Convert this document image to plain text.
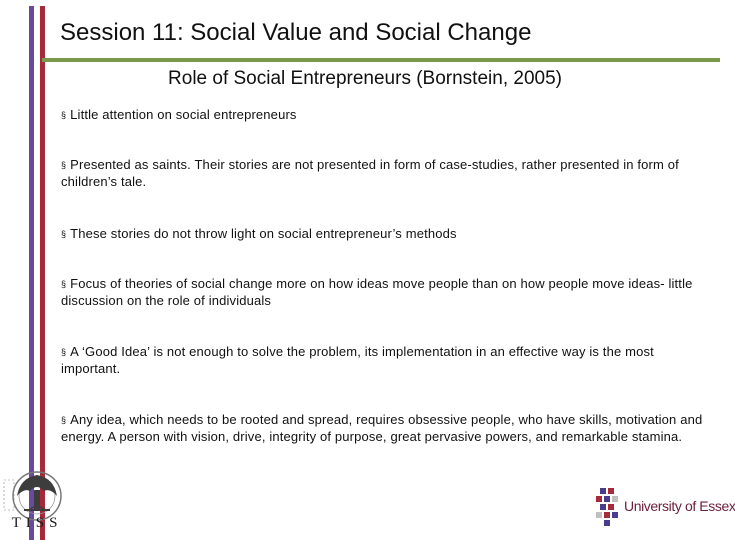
Session 11: Social Value and Social Change
Role of Social Entrepreneurs (Bornstein, 2005)
§ Little attention on social entrepreneurs
§ Presented as saints. Their stories are not presented in form of case-studies, rather presented in form of children’s tale.
§ These stories do not throw light on social entrepreneur’s methods
§ Focus of theories of social change more on how ideas move people than on how people move ideas- little discussion on the role of individuals
§ A ‘Good Idea’ is not enough to solve the problem, its implementation in an effective way is the most important.
§ Any idea, which needs to be rooted and spread, requires obsessive people, who have skills, motivation and energy. A person with vision, drive, integrity of purpose, great pervasive powers, and remarkable stamina.
TISS
University of Essex
